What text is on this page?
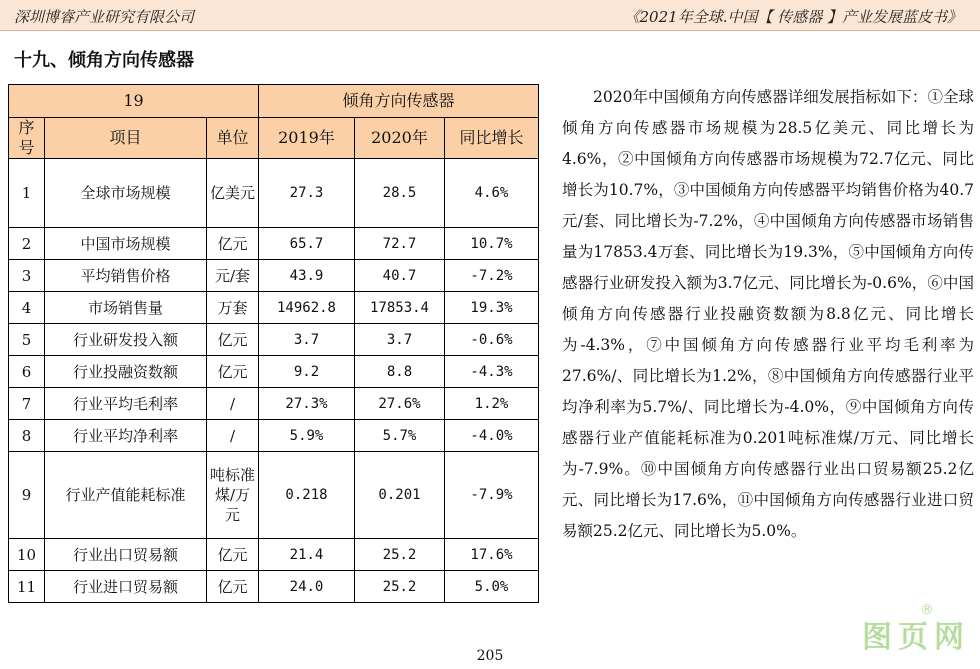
深圳博睿产业研究有限公司	《2021年全球.中国【 传感器 】产业发展蓝皮书》
十九、倾角方向传感器
19			倾角方向传感器		
序号	项目	单位	2019年	2020年	同比增长
1	全球市场规模	亿美元	27.3	28.5	4.6%
2	中国市场规模	亿元	65.7	72.7	10.7%
3	平均销售价格	元/套	43.9	40.7	-7.2%
4	市场销售量	万套	14962.8	17853.4	19.3%
5	行业研发投入额	亿元	3.7	3.7	-0.6%
6	行业投融资数额	亿元	9.2	8.8	-4.3%
7	行业平均毛利率	/	27.3%	27.6%	1.2%
8	行业平均净利率	/	5.9%	5.7%	-4.0%
9	行业产值能耗标准	吨标准煤/万元	0.218	0.201	-7.9%
10	行业出口贸易额	亿元	21.4	25.2	17.6%
11	行业进口贸易额	亿元	24.0	25.2	5.0%
2020年中国倾角方向传感器详细发展指标如下：①全球倾角方向传感器市场规模为28.5亿美元、同比增长为4.6%，②中国倾角方向传感器市场规模为72.7亿元、同比增长为10.7%，③中国倾角方向传感器平均销售价格为40.7元/套、同比增长为-7.2%，④中国倾角方向传感器市场销售量为17853.4万套、同比增长为19.3%，⑤中国倾角方向传感器行业研发投入额为3.7亿元、同比增长为-0.6%，⑥中国倾角方向传感器行业投融资数额为8.8亿元、同比增长为-4.3%，⑦中国倾角方向传感器行业平均毛利率为27.6%/、同比增长为1.2%，⑧中国倾角方向传感器行业平均净利率为5.7%/、同比增长为-4.0%，⑨中国倾角方向传感器行业产值能耗标准为0.201吨标准煤/万元、同比增长为-7.9%。⑩中国倾角方向传感器行业出口贸易额25.2亿元、同比增长为17.6%，⑪中国倾角方向传感器行业进口贸易额25.2亿元、同比增长为5.0%。
205
图页网
®
